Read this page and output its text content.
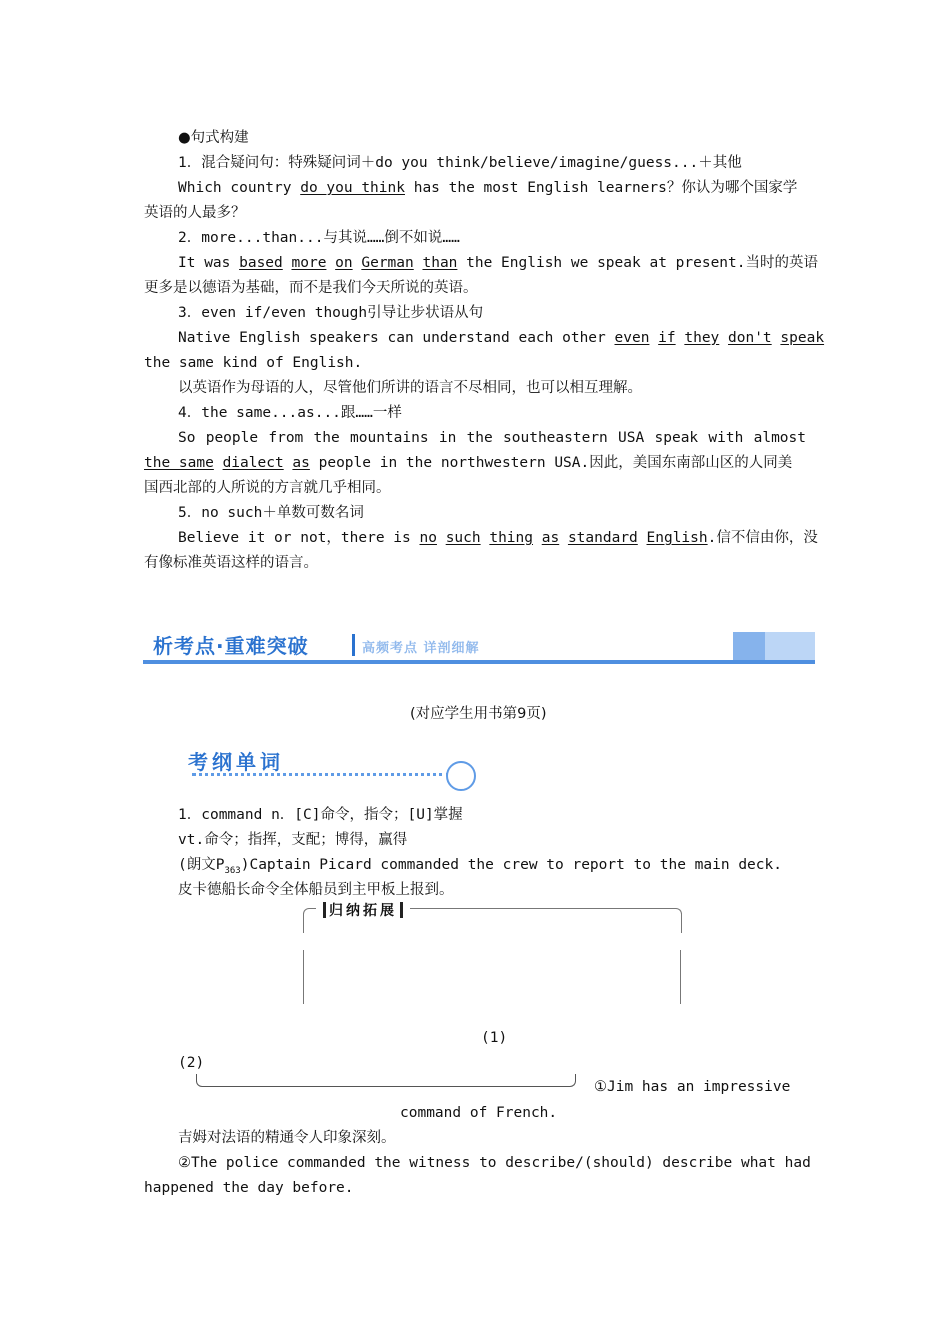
●句式构建
1．混合疑问句：特殊疑问词＋do you think/believe/imagine/guess...＋其他
Which country do you think has the most English learners？你认为哪个国家学
英语的人最多？
2．more...than...与其说……倒不如说……
It was based more on German than the English we speak at present.当时的英语
更多是以德语为基础，而不是我们今天所说的英语。
3．even if/even though引导让步状语从句
Native English speakers can understand each other even if they don't speak
the same kind of English.
以英语作为母语的人，尽管他们所讲的语言不尽相同，也可以相互理解。
4．the same...as...跟……一样
So people from the mountains in the southeastern USA speak with almost
the same dialect as people in the northwestern USA.因此，美国东南部山区的人同美
国西北部的人所说的方言就几乎相同。
5．no such＋单数可数名词
Believe it or not，there is no such thing as standard English.信不信由你，没
有像标准英语这样的语言。
析考点·重难突破	高频考点 详剖细解
(对应学生用书第9页)
考纲单词
1．command n．[C]命令，指令；[U]掌握
vt.命令；指挥，支配；博得，赢得
(朗文$P_{363})Captain$ Picard commanded the crew to report to the main deck.
皮卡德船长命令全体船员到主甲板上报到。
归纳拓展
(1)
(2)
①Jim has an impressive
command of French.
吉姆对法语的精通令人印象深刻。
②The police commanded the witness to describe/(should) describe what had
happened the day before.
